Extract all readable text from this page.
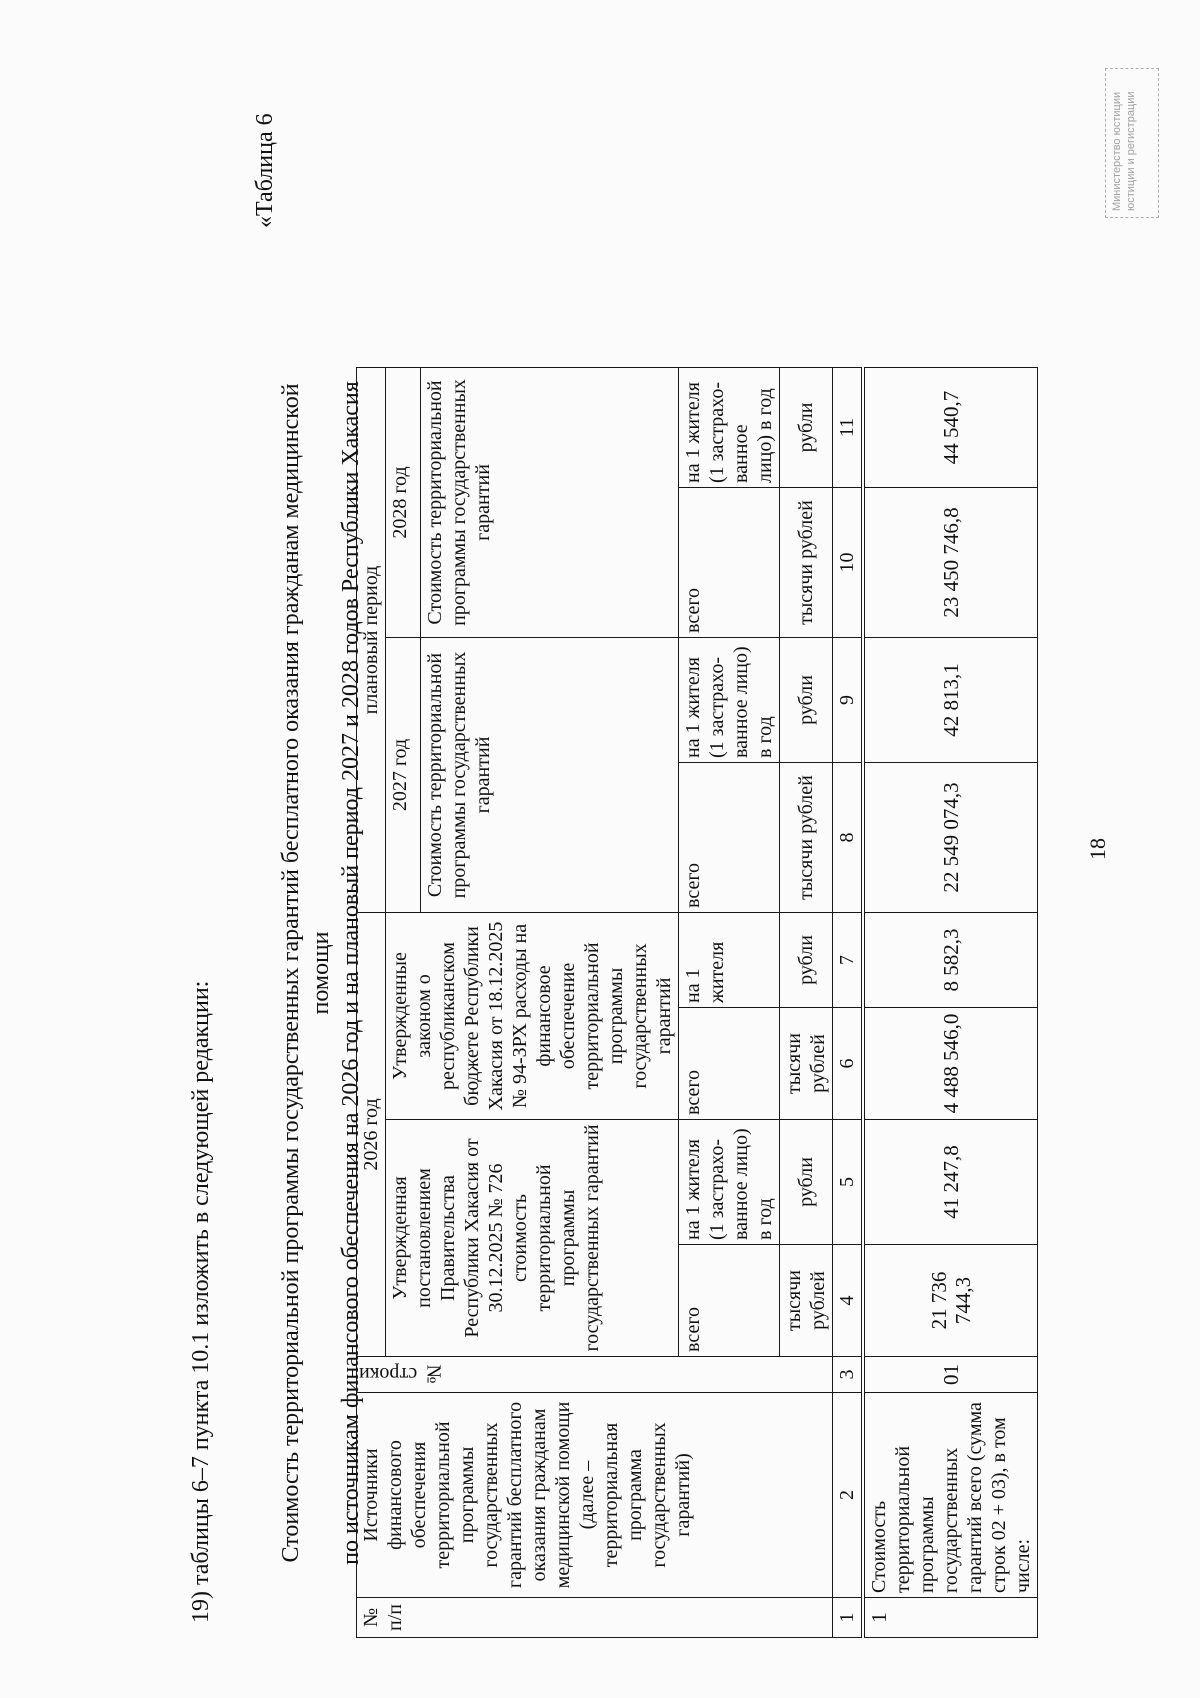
18
19) таблицы 6–7 пункта 10.1 изложить в следующей редакции:
«Таблица 6
Стоимость территориальной программы государственных гарантий бесплатного оказания гражданам медицинской помощи по источникам финансового обеспечения на 2026 год и на плановый период 2027 и 2028 годов Республики Хакасия
№ п/п	Источники финансового обеспечения территориальной программы государственных гарантий бесплатного оказания гражданам медицинской помощи (далее – территориальная программа государственных гарантий)	№ строки	2026 год				плановый период			
			Утвержденная постановлением Правительства Республики Хакасия от 30.12.2025 № 726 стоимость территориальной программы государственных гарантий		Утвержденные законом о республиканском бюджете Республики Хакасия от 18.12.2025 № 94-ЗРХ расходы на финансовое обеспечение территориальной программы государственных гарантий		2027 год		2028 год	
							Стоимость территориальной программы государственных гарантий		Стоимость территориальной программы государственных гарантий	
			всего	на 1 жителя (1 застрахо-ванное лицо) в год	всего	на 1 жителя	всего	на 1 жителя (1 застрахо-ванное лицо) в год	всего	на 1 жителя (1 застрахо-ванное лицо) в год
			тысячи рублей	рубли	тысячи рублей	рубли	тысячи рублей	рубли	тысячи рублей	рубли
1	2	3	4	5	6	7	8	9	10	11
1	Стоимость территориальной программы государственных гарантий всего (сумма строк 02 + 03), в том числе:	01	21 736 744,3	41 247,8	4 488 546,0	8 582,3	22 549 074,3	42 813,1	23 450 746,8	44 540,7
Министерство юстиции юстиции и регистрации
